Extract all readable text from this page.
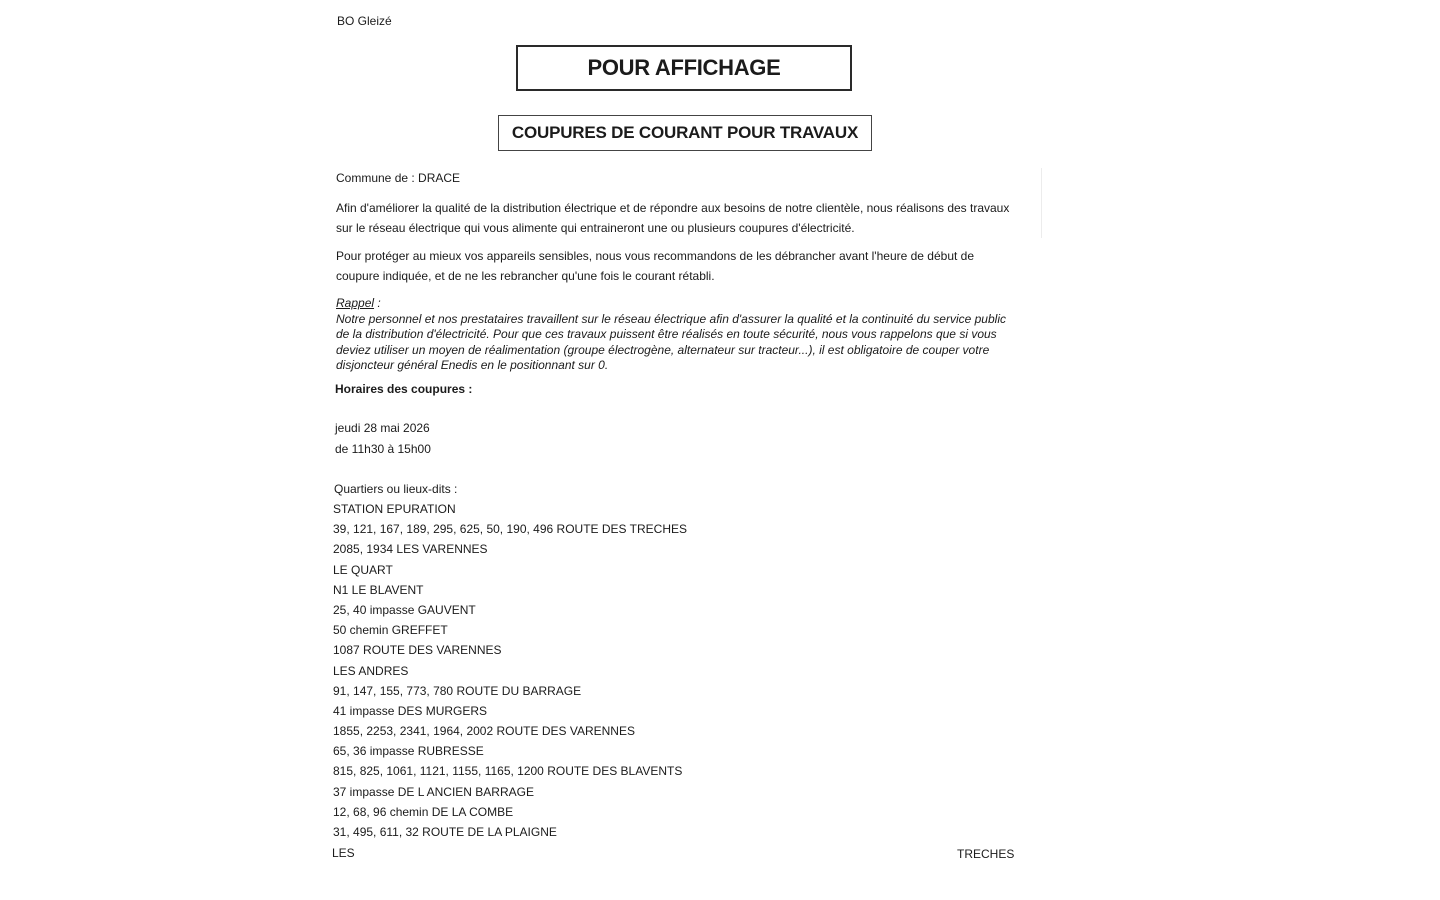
BO Gleizé
POUR AFFICHAGE
COUPURES DE COURANT POUR TRAVAUX
Commune de : DRACE
Afin d'améliorer la qualité de la distribution électrique et de répondre aux besoins de notre clientèle, nous réalisons des travaux sur le réseau électrique qui vous alimente qui entraineront une ou plusieurs coupures d'électricité.
Pour protéger au mieux vos appareils sensibles, nous vous recommandons de les débrancher avant l'heure de début de coupure indiquée, et de ne les rebrancher qu'une fois le courant rétabli.
Rappel :
Notre personnel et nos prestataires travaillent sur le réseau électrique afin d'assurer la qualité et la continuité du service public de la distribution d'électricité. Pour que ces travaux puissent être réalisés en toute sécurité, nous vous rappelons que si vous deviez utiliser un moyen de réalimentation (groupe électrogène, alternateur sur tracteur...), il est obligatoire de couper votre disjoncteur général Enedis en le positionnant sur 0.
Horaires des coupures :
jeudi 28 mai 2026
de 11h30 à 15h00
Quartiers ou lieux-dits :
STATION EPURATION
39, 121, 167, 189, 295, 625, 50, 190, 496 ROUTE DES TRECHES
2085, 1934 LES VARENNES
LE QUART
N1 LE BLAVENT
25, 40 impasse GAUVENT
50 chemin GREFFET
1087 ROUTE DES VARENNES
LES ANDRES
91, 147, 155, 773, 780 ROUTE DU BARRAGE
41 impasse DES MURGERS
1855, 2253, 2341, 1964, 2002 ROUTE DES VARENNES
65, 36 impasse RUBRESSE
815, 825, 1061, 1121, 1155, 1165, 1200 ROUTE DES BLAVENTS
37 impasse DE L ANCIEN BARRAGE
12, 68, 96 chemin DE LA COMBE
31, 495, 611, 32 ROUTE DE LA PLAIGNE
LES	TRECHES
